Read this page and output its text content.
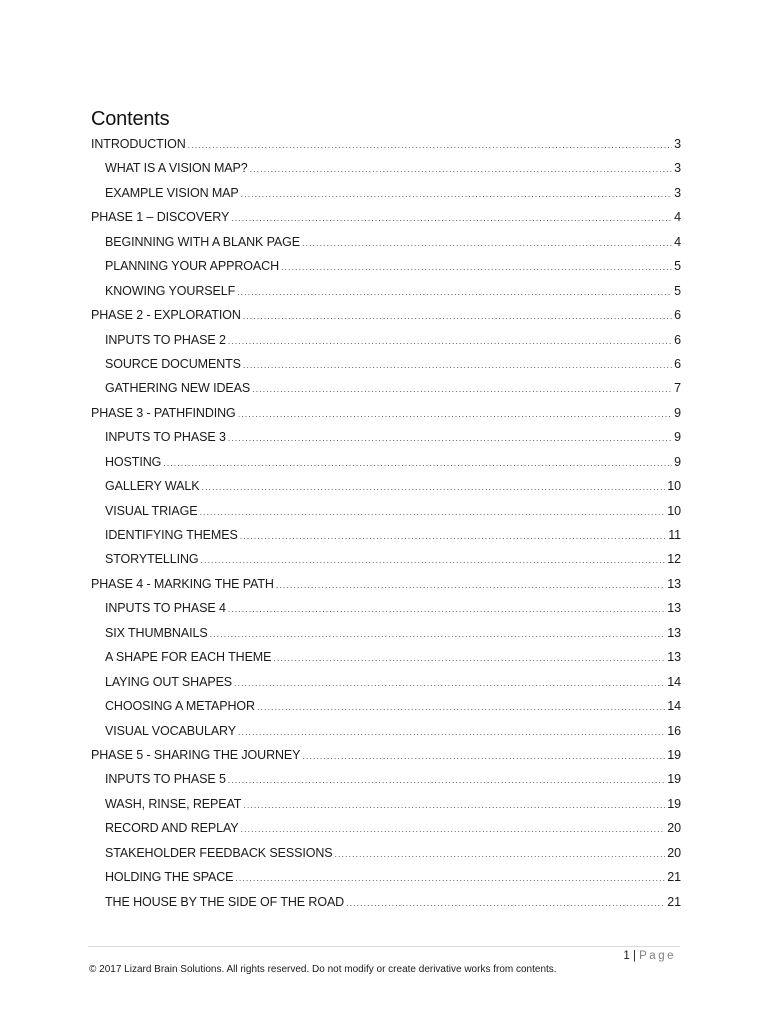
Contents
INTRODUCTION .....	3
WHAT IS A VISION MAP? .....	3
EXAMPLE VISION MAP .....	3
PHASE 1 – DISCOVERY .....	4
BEGINNING WITH A BLANK PAGE .....	4
PLANNING YOUR APPROACH .....	5
KNOWING YOURSELF .....	5
PHASE 2 - EXPLORATION .....	6
INPUTS TO PHASE 2 .....	6
SOURCE DOCUMENTS .....	6
GATHERING NEW IDEAS .....	7
PHASE 3 - PATHFINDING .....	9
INPUTS TO PHASE 3 .....	9
HOSTING .....	9
GALLERY WALK .....	10
VISUAL TRIAGE .....	10
IDENTIFYING THEMES .....	11
STORYTELLING .....	12
PHASE 4 - MARKING THE PATH .....	13
INPUTS TO PHASE 4 .....	13
SIX THUMBNAILS .....	13
A SHAPE FOR EACH THEME .....	13
LAYING OUT SHAPES .....	14
CHOOSING A METAPHOR .....	14
VISUAL VOCABULARY .....	16
PHASE 5 - SHARING THE JOURNEY .....	19
INPUTS TO PHASE 5 .....	19
WASH, RINSE, REPEAT .....	19
RECORD AND REPLAY .....	20
STAKEHOLDER FEEDBACK SESSIONS .....	20
HOLDING THE SPACE .....	21
THE HOUSE BY THE SIDE OF THE ROAD .....	21
1 | Page
© 2017 Lizard Brain Solutions. All rights reserved. Do not modify or create derivative works from contents.
